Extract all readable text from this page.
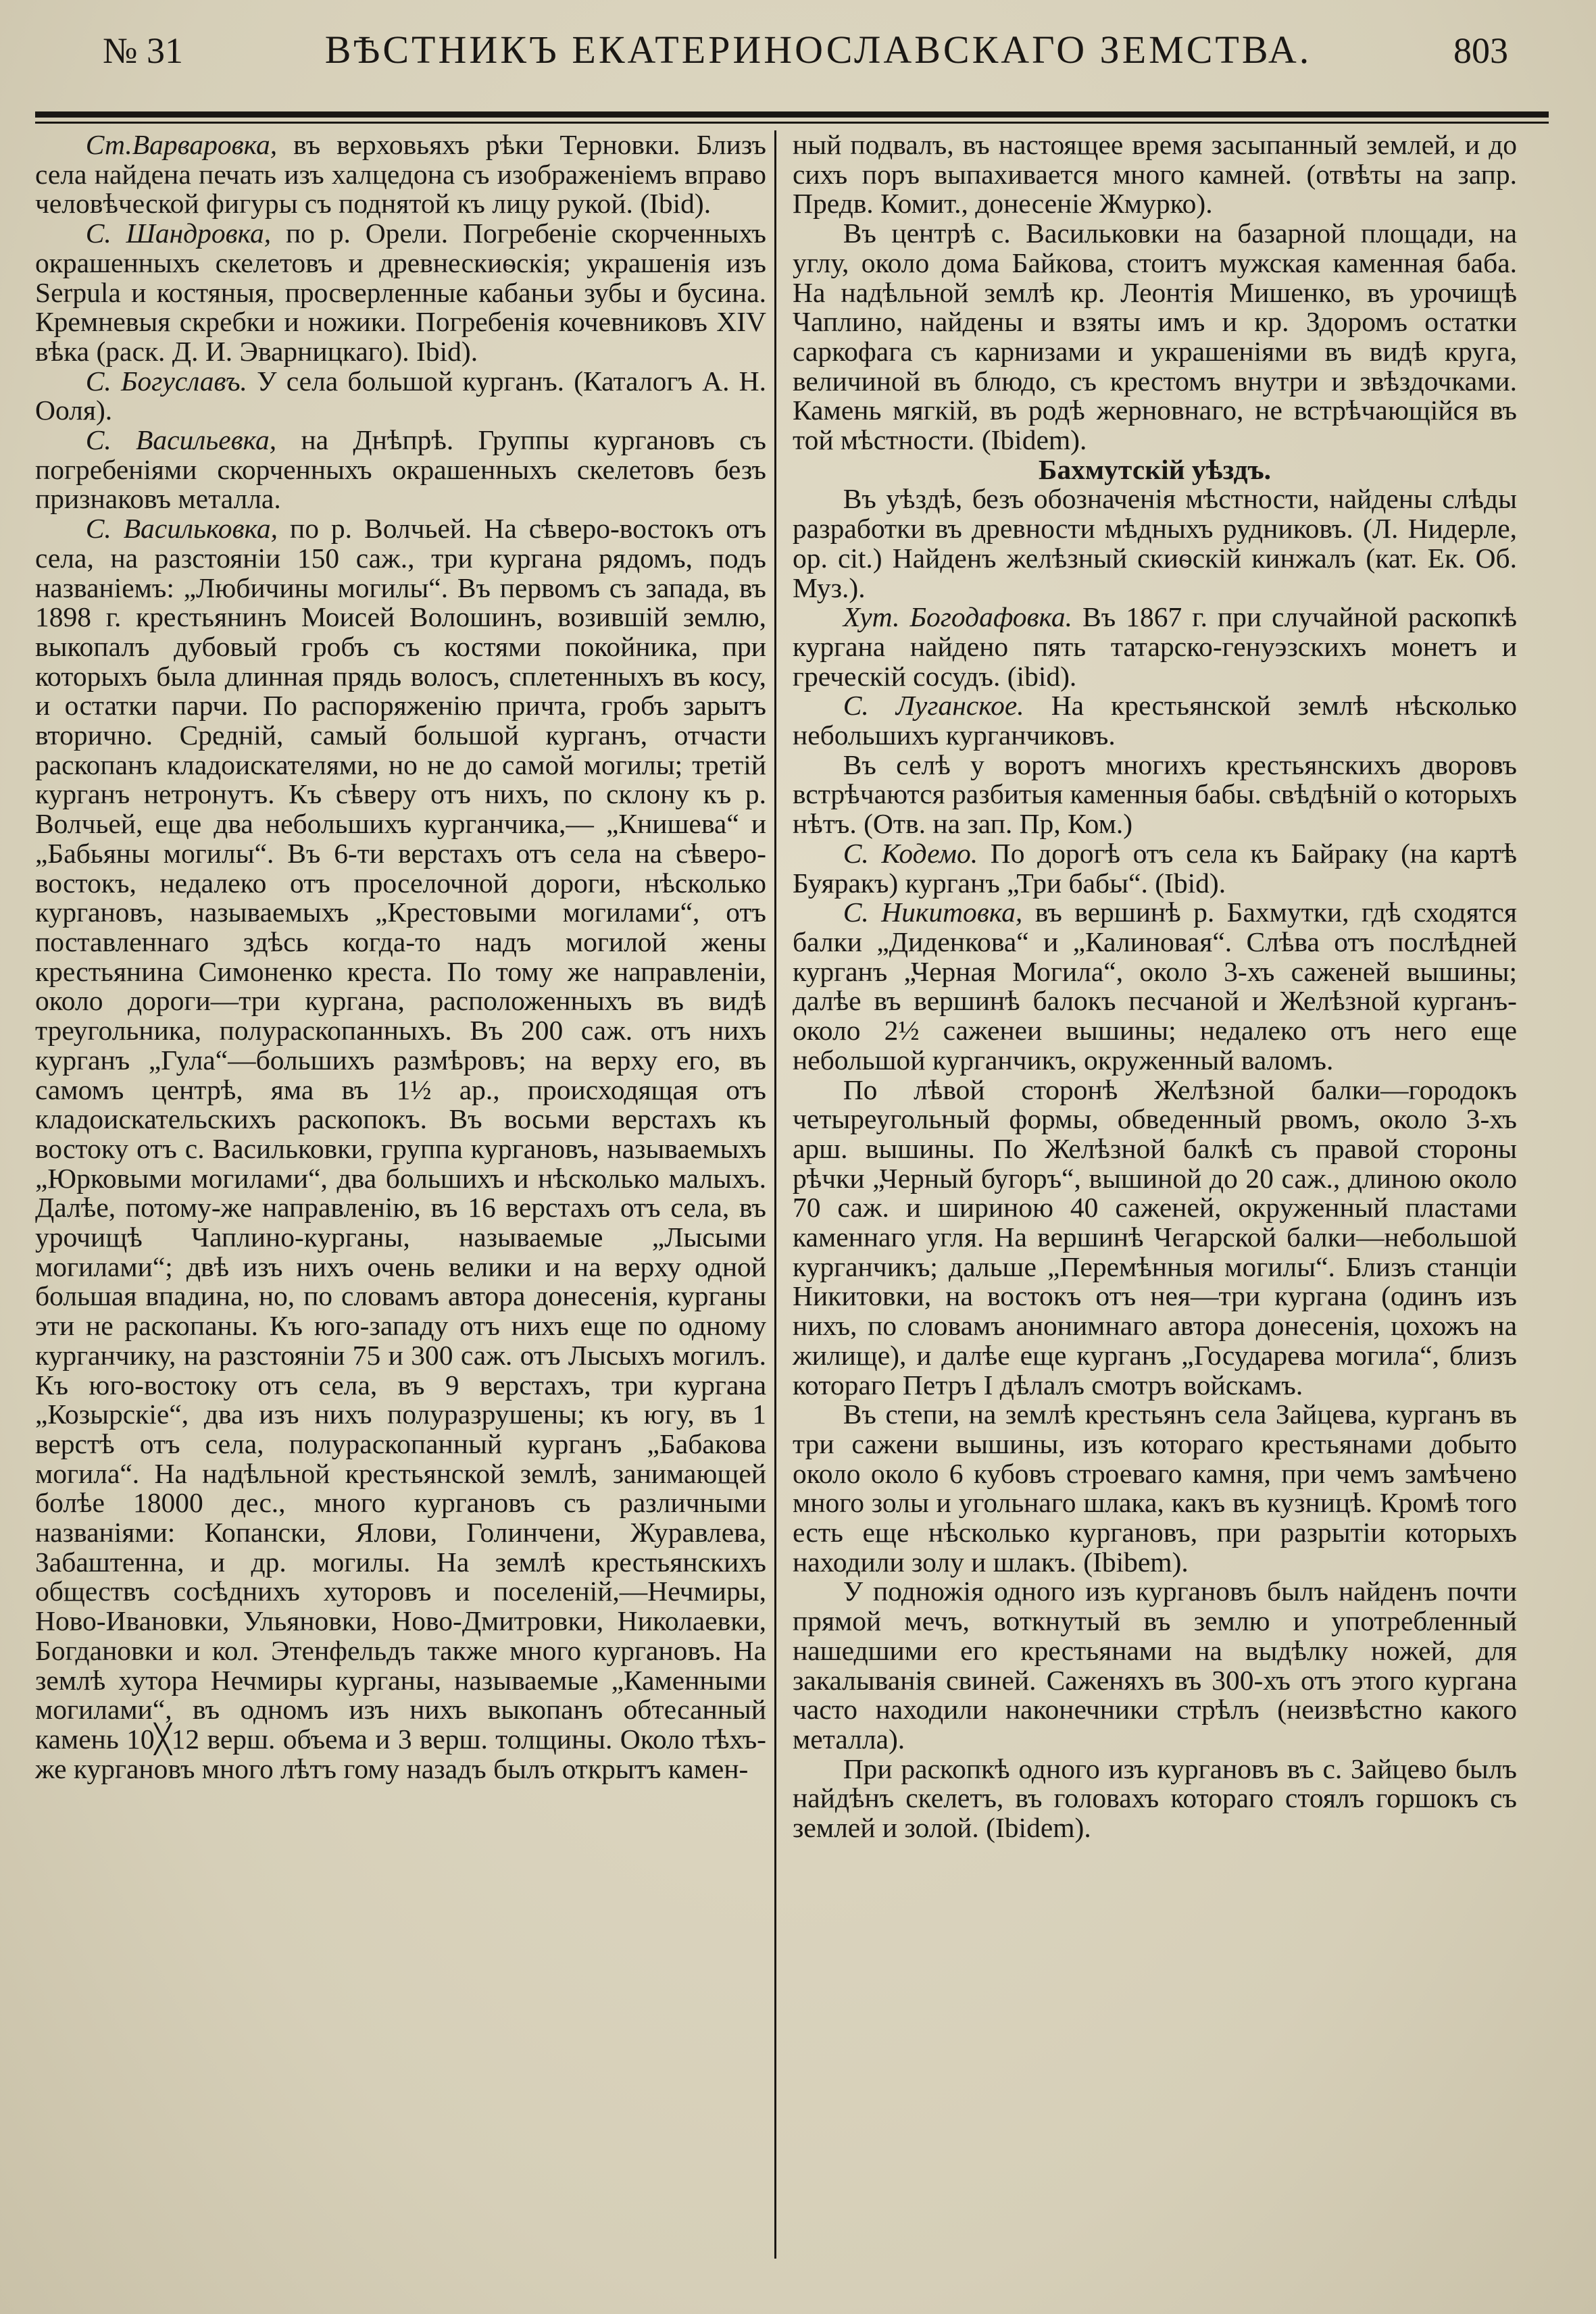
№ 31	ВѢСТНИКЪ ЕКАТЕРИНОСЛАВСКАГО ЗЕМСТВА.	803

Ст.Варваровка, въ верховьяхъ рѣки Терновки. Близъ села найдена печать изъ халцедона съ изображеніемъ вправо человѣческой фигуры съ поднятой къ лицу рукой. (Ibid).

С. Шандровка, по р. Орели. Погребеніе скорченныхъ окрашенныхъ скелетовъ и древнескиѳскія; украшенія изъ Serpula и костяныя, просверленные кабаньи зубы и бусина. Кремневыя скребки и ножики. Погребенія кочевниковъ XIV вѣка (раск. Д. И. Эварницкаго). Ibid).

С. Богуславъ. У села большой курганъ. (Каталогъ А. Н. Ооля).

С. Васильевка, на Днѣпрѣ. Группы кургановъ съ погребеніями скорченныхъ окрашенныхъ скелетовъ безъ признаковъ металла.

С. Васильковка, по р. Волчьей. На сѣверо-востокъ отъ села, на разстояніи 150 саж., три кургана рядомъ, подъ названіемъ: „Любичины могилы“. Въ первомъ съ запада, въ 1898 г. крестьянинъ Моисей Волошинъ, возившій землю, выкопалъ дубовый гробъ съ костями покойника, при которыхъ была длинная прядь волосъ, сплетенныхъ въ косу, и остатки парчи. По распоряженію причта, гробъ зарытъ вторично. Средній, самый большой курганъ, отчасти раскопанъ кладоискателями, но не до самой могилы; третій курганъ нетронутъ. Къ сѣверу отъ нихъ, по склону къ р. Волчьей, еще два небольшихъ курганчика,— „Книшева“ и „Бабьяны могилы“. Въ 6-ти верстахъ отъ села на сѣверо-востокъ, недалеко отъ проселочной дороги, нѣсколько кургановъ, называемыхъ „Крестовыми могилами“, отъ поставленнаго здѣсь когда-то надъ могилой жены крестьянина Симоненко креста. По тому же направленіи, около дороги—три кургана, расположенныхъ въ видѣ треугольника, полураскопанныхъ. Въ 200 саж. отъ нихъ курганъ „Гула“—большихъ размѣровъ; на верху его, въ самомъ центрѣ, яма въ 1½ ар., происходящая отъ кладоискательскихъ раскопокъ. Въ восьми верстахъ къ востоку отъ с. Васильковки, группа кургановъ, называемыхъ „Юрковыми могилами“, два большихъ и нѣсколько малыхъ. Далѣе, потому-же направленію, въ 16 верстахъ отъ села, въ урочищѣ Чаплино-курганы, называемые „Лысыми могилами“; двѣ изъ нихъ очень велики и на верху одной большая впадина, но, по словамъ автора донесенія, курганы эти не раскопаны. Къ юго-западу отъ нихъ еще по одному курганчику, на разстояніи 75 и 300 саж. отъ Лысыхъ могилъ. Къ юго-востоку отъ села, въ 9 верстахъ, три кургана „Козырскіе“, два изъ нихъ полуразрушены; къ югу, въ 1 верстѣ отъ села, полураскопанный курганъ „Бабакова могила“. На надѣльной крестьянской землѣ, занимающей болѣе 18000 дес., много кургановъ съ различными названіями: Копански, Ялови, Голинчени, Журавлева, Забаштенна, и др. могилы. На землѣ крестьянскихъ обществъ сосѣднихъ хуторовъ и поселеній,—Нечмиры, Ново-Ивановки, Ульяновки, Ново-Дмитровки, Николаевки, Богдановки и кол. Этенфельдъ также много кургановъ. На землѣ хутора Нечмиры курганы, называемые „Каменными могилами“, въ одномъ изъ нихъ выкопанъ обтесанный камень 10╳12 верш. объема и 3 верш. толщины. Около тѣхъ-же кургановъ много лѣтъ гому назадъ былъ открытъ камен-

ный подвалъ, въ настоящее время засыпанный землей, и до сихъ поръ выпахивается много камней. (отвѣты на запр. Предв. Комит., донесеніе Жмурко).

Въ центрѣ с. Васильковки на базарной площади, на углу, около дома Байкова, стоитъ мужская каменная баба. На надѣльной землѣ кр. Леонтія Мишенко, въ урочищѣ Чаплино, найдены и взяты имъ и кр. Здоромъ остатки саркофага съ карнизами и украшеніями въ видѣ круга, величиной въ блюдо, съ крестомъ внутри и звѣздочками. Камень мягкій, въ родѣ жерновнаго, не встрѣчающійся въ той мѣстности. (Ibidem).

Бахмутскій уѣздъ.

Въ уѣздѣ, безъ обозначенія мѣстности, найдены слѣды разработки въ древности мѣдныхъ рудниковъ. (Л. Нидерле, op. cit.) Найденъ желѣзный скиѳскій кинжалъ (кат. Ек. Об. Муз.).

Хут. Богодафовка. Въ 1867 г. при случайной раскопкѣ кургана найдено пять татарско-генуэзскихъ монетъ и греческій сосудъ. (ibid).

С. Луганское. На крестьянской землѣ нѣсколько небольшихъ курганчиковъ.

Въ селѣ у воротъ многихъ крестьянскихъ дворовъ встрѣчаются разбитыя каменныя бабы. свѣдѣній о которыхъ нѣтъ. (Отв. на зап. Пр, Ком.)

С. Кодемо. По дорогѣ отъ села къ Байраку (на картѣ Буяракъ) курганъ „Три бабы“. (Ibid).

С. Никитовка, въ вершинѣ р. Бахмутки, гдѣ сходятся балки „Диденкова“ и „Калиновая“. Слѣва отъ послѣдней курганъ „Черная Могила“, около 3-хъ саженей вышины; далѣе въ вершинѣ балокъ песчаной и Желѣзной курганъ-около 2½ саженеи вышины; недалеко отъ него еще небольшой курганчикъ, окруженный валомъ.

По лѣвой сторонѣ Желѣзной балки—городокъ четыреугольный формы, обведенный рвомъ, около 3-хъ арш. вышины. По Желѣзной балкѣ съ правой стороны рѣчки „Черный бугоръ“, вышиной до 20 саж., длиною около 70 саж. и шириною 40 саженей, окруженный пластами каменнаго угля. На вершинѣ Чегарской балки—небольшой курганчикъ; дальше „Перемѣнныя могилы“. Близъ станціи Никитовки, на востокъ отъ нея—три кургана (одинъ изъ нихъ, по словамъ анонимнаго автора донесенія, цохожъ на жилище), и далѣе еще курганъ „Государева могила“, близъ котораго Петръ I дѣлалъ смотръ войскамъ.

Въ степи, на землѣ крестьянъ села Зайцева, курганъ въ три сажени вышины, изъ котораго крестьянами добыто около около 6 кубовъ строеваго камня, при чемъ замѣчено много золы и угольнаго шлака, какъ въ кузницѣ. Кромѣ того есть еще нѣсколько кургановъ, при разрытіи которыхъ находили золу и шлакъ. (Ibibem).

У подножія одного изъ кургановъ былъ найденъ почти прямой мечъ, воткнутый въ землю и употребленный нашедшими его крестьянами на выдѣлку ножей, для закалыванія свиней. Саженяхъ въ 300-хъ отъ этого кургана часто находили наконечники стрѣлъ (неизвѣстно какого металла).

При раскопкѣ одного изъ кургановъ въ с. Зайцево былъ найдѣнъ скелетъ, въ головахъ котораго стоялъ горшокъ съ землей и золой. (Ibidem).
